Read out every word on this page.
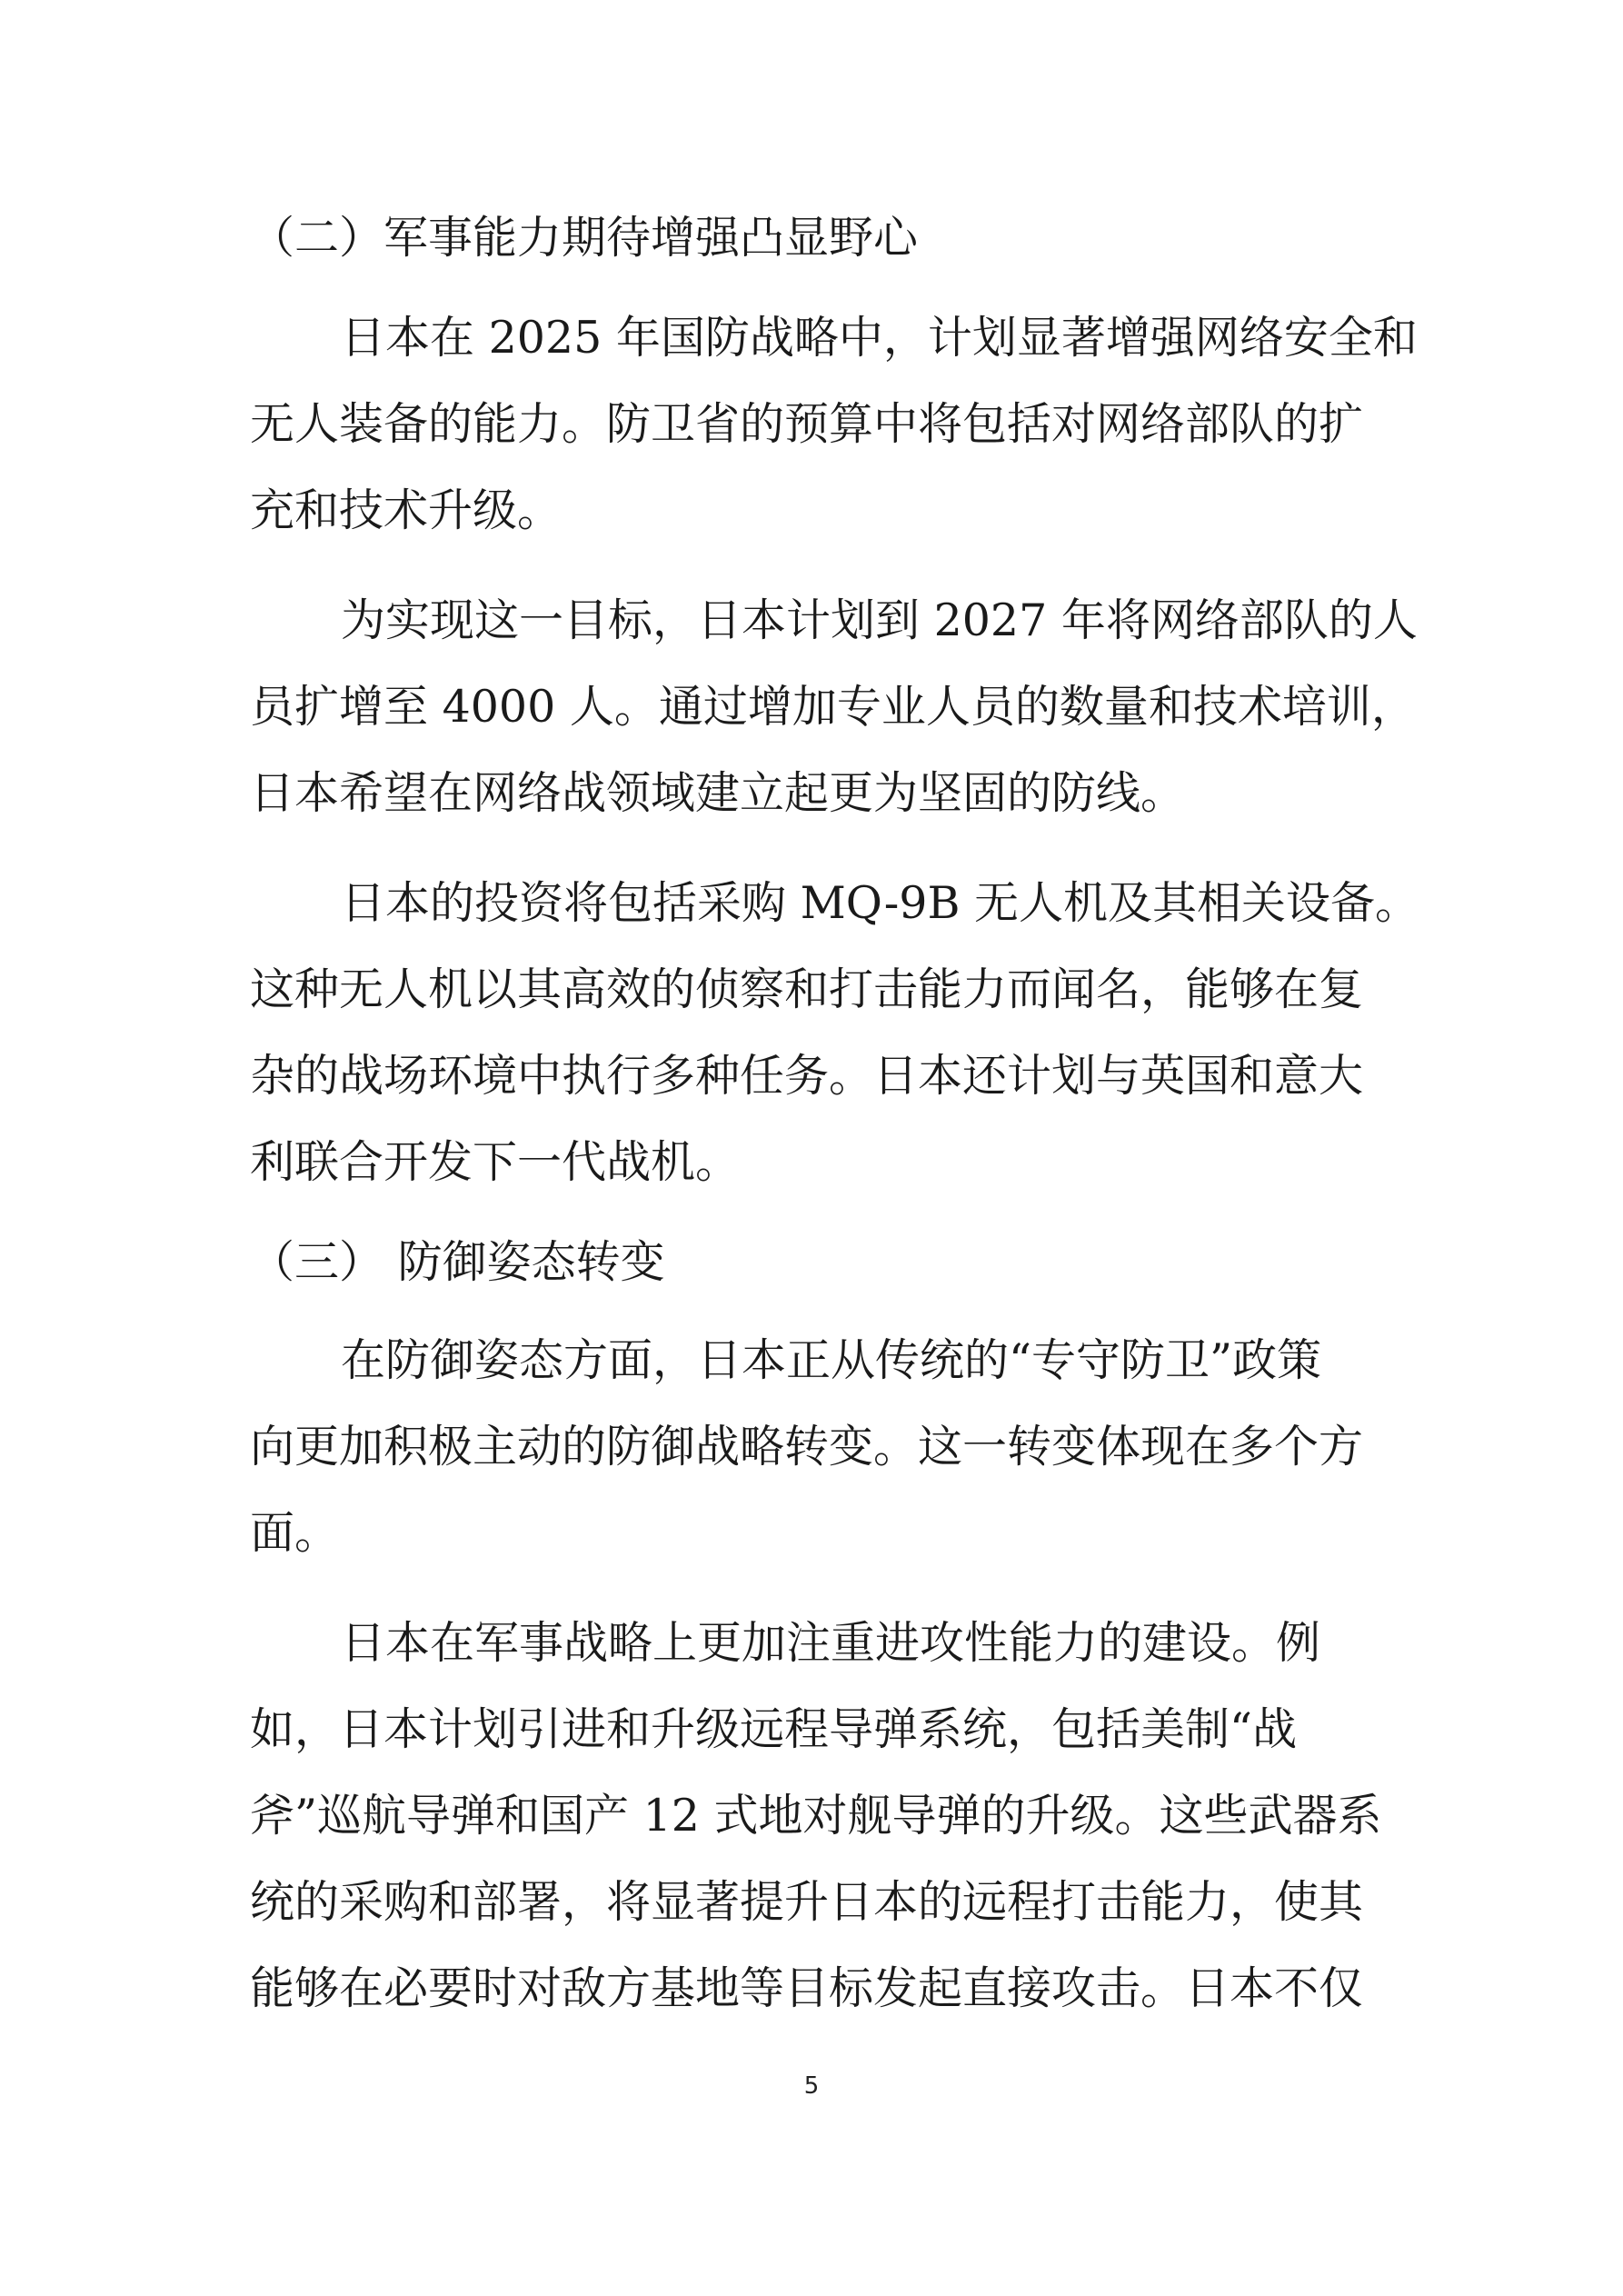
（二）军事能力期待增强凸显野心

日本在 2025 年国防战略中，计划显著增强网络安全和

无人装备的能力。防卫省的预算中将包括对网络部队的扩

充和技术升级。

为实现这一目标，日本计划到 2027 年将网络部队的人

员扩增至 4000 人。通过增加专业人员的数量和技术培训，

日本希望在网络战领域建立起更为坚固的防线。

日本的投资将包括采购 MQ-9B 无人机及其相关设备。

这种无人机以其高效的侦察和打击能力而闻名，能够在复

杂的战场环境中执行多种任务。日本还计划与英国和意大

利联合开发下一代战机。

（三） 防御姿态转变

在防御姿态方面，日本正从传统的“专守防卫”政策

向更加积极主动的防御战略转变。这一转变体现在多个方

面。

日本在军事战略上更加注重进攻性能力的建设。例

如，日本计划引进和升级远程导弹系统，包括美制“战

斧”巡航导弹和国产 12 式地对舰导弹的升级。这些武器系

统的采购和部署，将显著提升日本的远程打击能力，使其

能够在必要时对敌方基地等目标发起直接攻击。日本不仅

5
